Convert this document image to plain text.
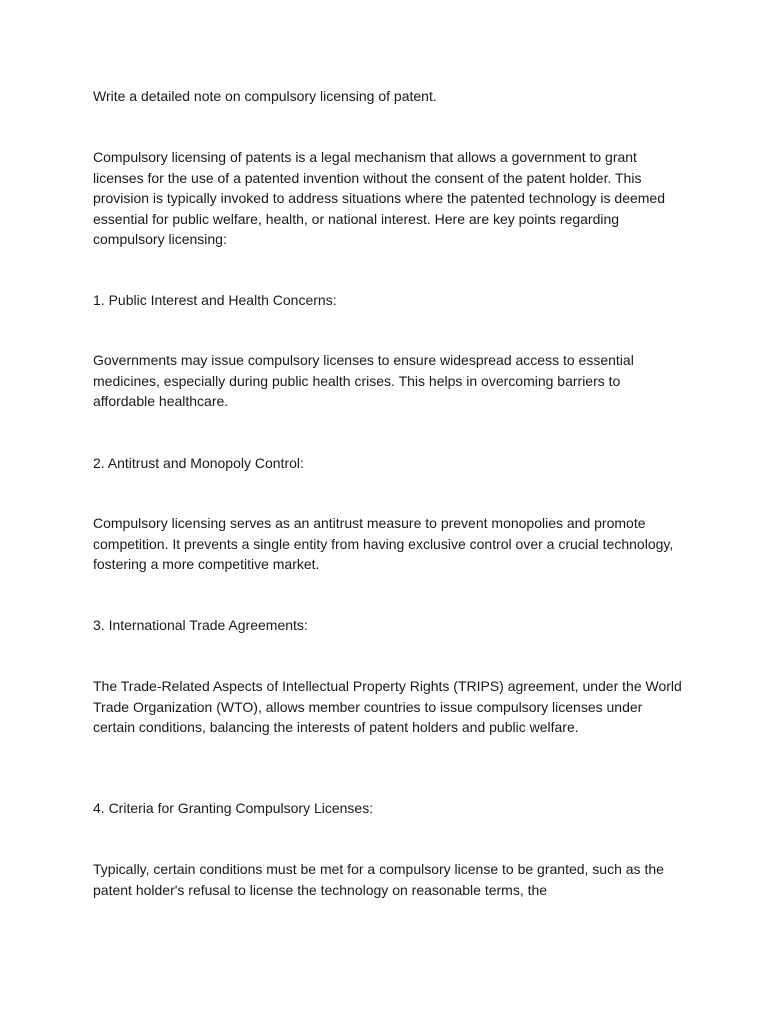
Write a detailed note on compulsory licensing of patent.

Compulsory licensing of patents is a legal mechanism that allows a government to grant licenses for the use of a patented invention without the consent of the patent holder. This provision is typically invoked to address situations where the patented technology is deemed essential for public welfare, health, or national interest. Here are key points regarding compulsory licensing:

1. Public Interest and Health Concerns:

Governments may issue compulsory licenses to ensure widespread access to essential medicines, especially during public health crises. This helps in overcoming barriers to affordable healthcare.

2. Antitrust and Monopoly Control:

Compulsory licensing serves as an antitrust measure to prevent monopolies and promote competition. It prevents a single entity from having exclusive control over a crucial technology, fostering a more competitive market.

3. International Trade Agreements:

The Trade-Related Aspects of Intellectual Property Rights (TRIPS) agreement, under the World Trade Organization (WTO), allows member countries to issue compulsory licenses under certain conditions, balancing the interests of patent holders and public welfare.

4. Criteria for Granting Compulsory Licenses:

Typically, certain conditions must be met for a compulsory license to be granted, such as the patent holder's refusal to license the technology on reasonable terms, the
